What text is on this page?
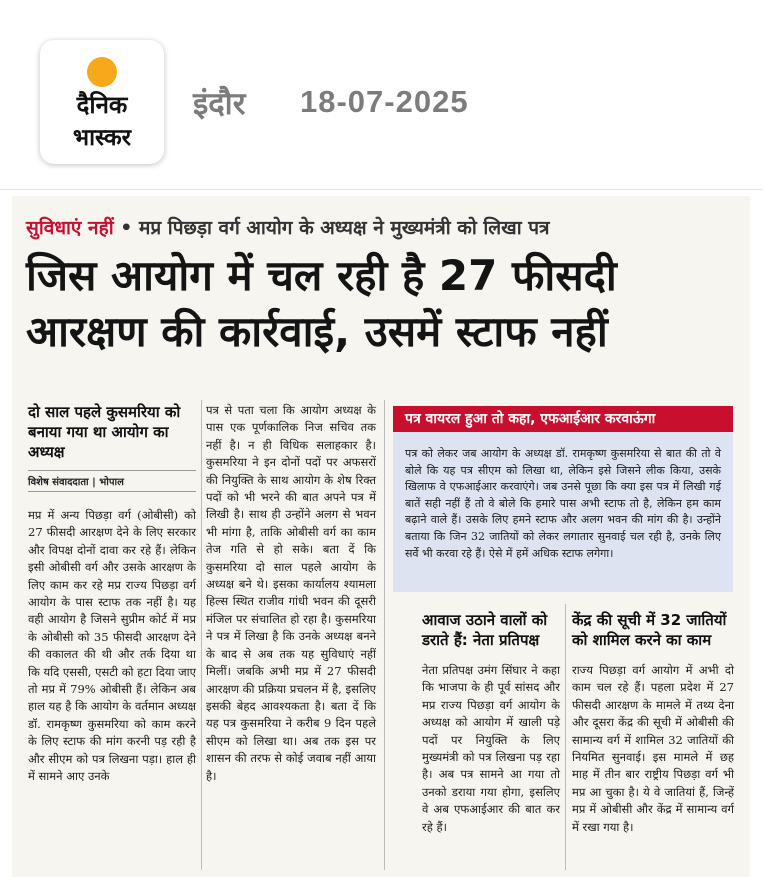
दैनिक
भास्कर
इंदौर 18-07-2025
सुविधाएं नहीं • मप्र पिछड़ा वर्ग आयोग के अध्यक्ष ने मुख्यमंत्री को लिखा पत्र
जिस आयोग में चल रही है 27 फीसदी
आरक्षण की कार्रवाई, उसमें स्टाफ नहीं
दो साल पहले कुसमरिया को बनाया गया था आयोग का अध्यक्ष
विशेष संवाददाता | भोपाल
मप्र में अन्य पिछड़ा वर्ग (ओबीसी) को 27 फीसदी आरक्षण देने के लिए सरकार और विपक्ष दोनों दावा कर रहे हैं। लेकिन इसी ओबीसी वर्ग और उसके आरक्षण के लिए काम कर रहे मप्र राज्य पिछड़ा वर्ग आयोग के पास स्टाफ तक नहीं है। यह वही आयोग है जिसने सुप्रीम कोर्ट में मप्र के ओबीसी को 35 फीसदी आरक्षण देने की वकालत की थी और तर्क दिया था कि यदि एससी, एसटी को हटा दिया जाए तो मप्र में 79% ओबीसी हैं। लेकिन अब हाल यह है कि आयोग के वर्तमान अध्यक्ष डॉ. रामकृष्ण कुसमरिया को काम करने के लिए स्टाफ की मांग करनी पड़ रही है और सीएम को पत्र लिखना पड़ा। हाल ही में सामने आए उनके
पत्र से पता चला कि आयोग अध्यक्ष के पास एक पूर्णकालिक निज सचिव तक नहीं है। न ही विधिक सलाहकार है। कुसमरिया ने इन दोनों पदों पर अफसरों की नियुक्ति के साथ आयोग के शेष रिक्त पदों को भी भरने की बात अपने पत्र में लिखी है। साथ ही उन्होंने अलग से भवन भी मांगा है, ताकि ओबीसी वर्ग का काम तेज गति से हो सके। बता दें कि कुसमरिया दो साल पहले आयोग के अध्यक्ष बने थे। इसका कार्यालय श्यामला हिल्स स्थित राजीव गांधी भवन की दूसरी मंजिल पर संचालित हो रहा है। कुसमरिया ने पत्र में लिखा है कि उनके अध्यक्ष बनने के बाद से अब तक यह सुविधाएं नहीं मिलीं। जबकि अभी मप्र में 27 फीसदी आरक्षण की प्रक्रिया प्रचलन में है, इसलिए इसकी बेहद आवश्यकता है। बता दें कि यह पत्र कुसमरिया ने करीब 9 दिन पहले सीएम को लिखा था। अब तक इस पर शासन की तरफ से कोई जवाब नहीं आया है।
पत्र वायरल हुआ तो कहा, एफआईआर करवाऊंगा
पत्र को लेकर जब आयोग के अध्यक्ष डॉ. रामकृष्ण कुसमरिया से बात की तो वे बोले कि यह पत्र सीएम को लिखा था, लेकिन इसे जिसने लीक किया, उसके खिलाफ वे एफआईआर करवाएंगे। जब उनसे पूछा कि क्या इस पत्र में लिखी गई बातें सही नहीं हैं तो वे बोले कि हमारे पास अभी स्टाफ तो है, लेकिन हम काम बढ़ाने वाले हैं। उसके लिए हमने स्टाफ और अलग भवन की मांग की है। उन्होंने बताया कि जिन 32 जातियों को लेकर लगातार सुनवाई चल रही है, उनके लिए सर्वे भी करवा रहे हैं। ऐसे में हमें अधिक स्टाफ लगेगा।
आवाज उठाने वालों को डराते हैं: नेता प्रतिपक्ष
नेता प्रतिपक्ष उमंग सिंघार ने कहा कि भाजपा के ही पूर्व सांसद और मप्र राज्य पिछड़ा वर्ग आयोग के अध्यक्ष को आयोग में खाली पड़े पदों पर नियुक्ति के लिए मुख्यमंत्री को पत्र लिखना पड़ रहा है। अब पत्र सामने आ गया तो उनको डराया गया होगा, इसलिए वे अब एफआईआर की बात कर रहे हैं।
केंद्र की सूची में 32 जातियों को शामिल करने का काम
राज्य पिछड़ा वर्ग आयोग में अभी दो काम चल रहे हैं। पहला प्रदेश में 27 फीसदी आरक्षण के मामले में तथ्य देना और दूसरा केंद्र की सूची में ओबीसी की सामान्य वर्ग में शामिल 32 जातियों की नियमित सुनवाई। इस मामले में छह माह में तीन बार राष्ट्रीय पिछड़ा वर्ग भी मप्र आ चुका है। ये वे जातियां हैं, जिन्हें मप्र में ओबीसी और केंद्र में सामान्य वर्ग में रखा गया है।
